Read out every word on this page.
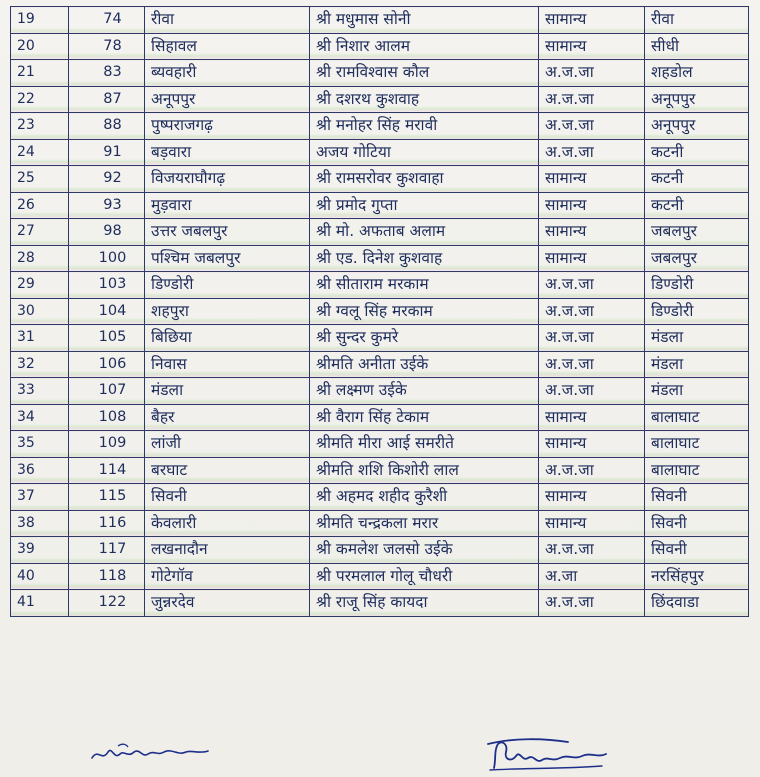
19	74	रीवा	श्री मधुमास सोनी	सामान्य	रीवा
20	78	सिहावल	श्री निशार आलम	सामान्य	सीधी
21	83	ब्यवहारी	श्री रामविश्वास कौल	अ.ज.जा	शहडोल
22	87	अनूपपुर	श्री दशरथ कुशवाह	अ.ज.जा	अनूपपुर
23	88	पुष्पराजगढ़	श्री मनोहर सिंह मरावी	अ.ज.जा	अनूपपुर
24	91	बड़वारा	अजय गोटिया	अ.ज.जा	कटनी
25	92	विजयराघौगढ़	श्री रामसरोवर कुशवाहा	सामान्य	कटनी
26	93	मुड़वारा	श्री प्रमोद गुप्ता	सामान्य	कटनी
27	98	उत्तर जबलपुर	श्री मो. अफताब अलाम	सामान्य	जबलपुर
28	100	पश्चिम जबलपुर	श्री एड. दिनेश कुशवाह	सामान्य	जबलपुर
29	103	डिण्डोरी	श्री सीताराम मरकाम	अ.ज.जा	डिण्डोरी
30	104	शहपुरा	श्री ग्वलू सिंह मरकाम	अ.ज.जा	डिण्डोरी
31	105	बिछिया	श्री सुन्दर कुमरे	अ.ज.जा	मंडला
32	106	निवास	श्रीमति अनीता उईके	अ.ज.जा	मंडला
33	107	मंडला	श्री लक्ष्मण उईके	अ.ज.जा	मंडला
34	108	बैहर	श्री वैराग सिंह टेकाम	सामान्य	बालाघाट
35	109	लांजी	श्रीमति मीरा आई समरीते	सामान्य	बालाघाट
36	114	बरघाट	श्रीमति शशि किशोरी लाल	अ.ज.जा	बालाघाट
37	115	सिवनी	श्री अहमद शहीद कुरैशी	सामान्य	सिवनी
38	116	केवलारी	श्रीमति चन्द्रकला मरार	सामान्य	सिवनी
39	117	लखनादौन	श्री कमलेश जलसो उईके	अ.ज.जा	सिवनी
40	118	गोटेगॉव	श्री परमलाल गोलू चौधरी	अ.जा	नरसिंहपुर
41	122	जुन्नरदेव	श्री राजू सिंह कायदा	अ.ज.जा	छिंदवाडा
